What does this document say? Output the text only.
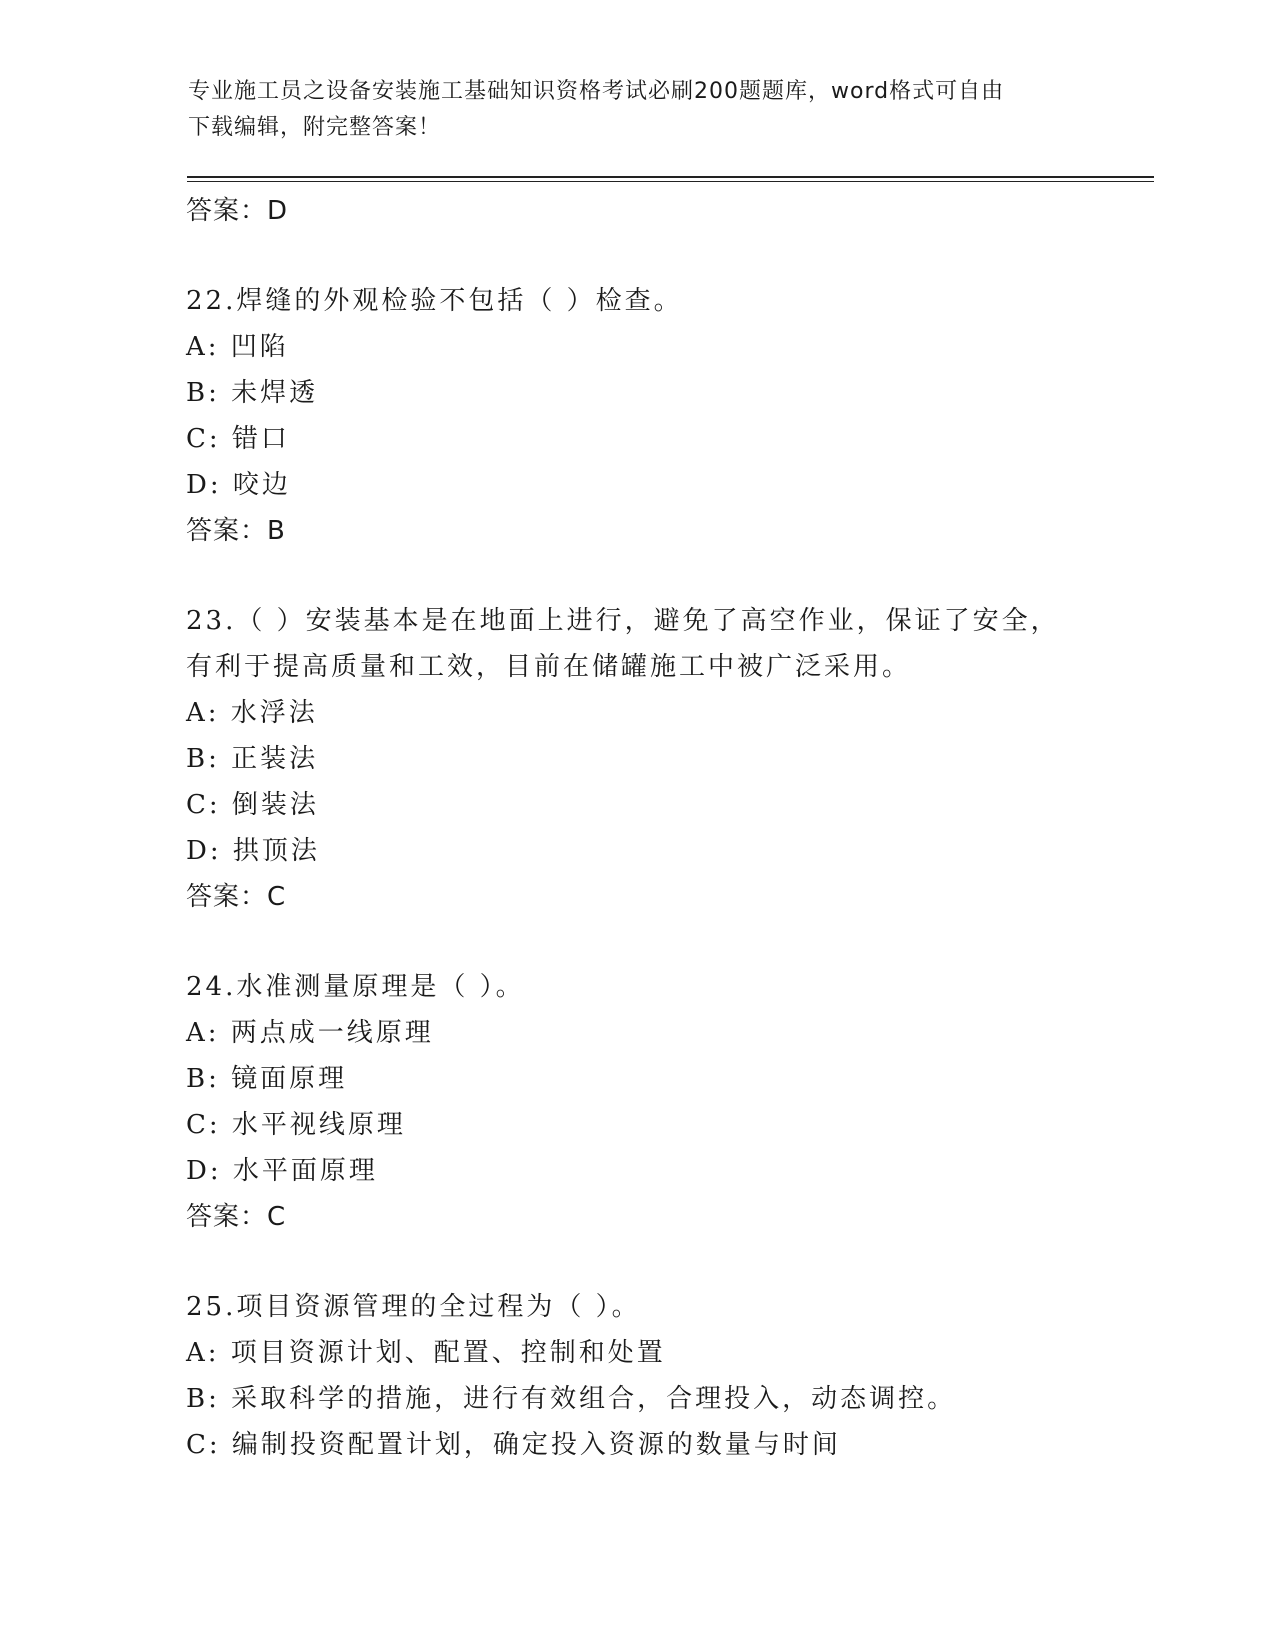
专业施工员之设备安装施工基础知识资格考试必刷200题题库，word格式可自由
下载编辑，附完整答案！
答案：D
22.焊缝的外观检验不包括（ ）检查。
A: 凹陷
B: 未焊透
C: 错口
D: 咬边
答案：B
23.（ ）安装基本是在地面上进行，避免了高空作业，保证了安全，
有利于提高质量和工效，目前在储罐施工中被广泛采用。
A: 水浮法
B: 正装法
C: 倒装法
D: 拱顶法
答案：C
24.水准测量原理是（ ）。
A: 两点成一线原理
B: 镜面原理
C: 水平视线原理
D: 水平面原理
答案：C
25.项目资源管理的全过程为（ ）。
A: 项目资源计划、配置、控制和处置
B: 采取科学的措施，进行有效组合，合理投入，动态调控。
C: 编制投资配置计划，确定投入资源的数量与时间
